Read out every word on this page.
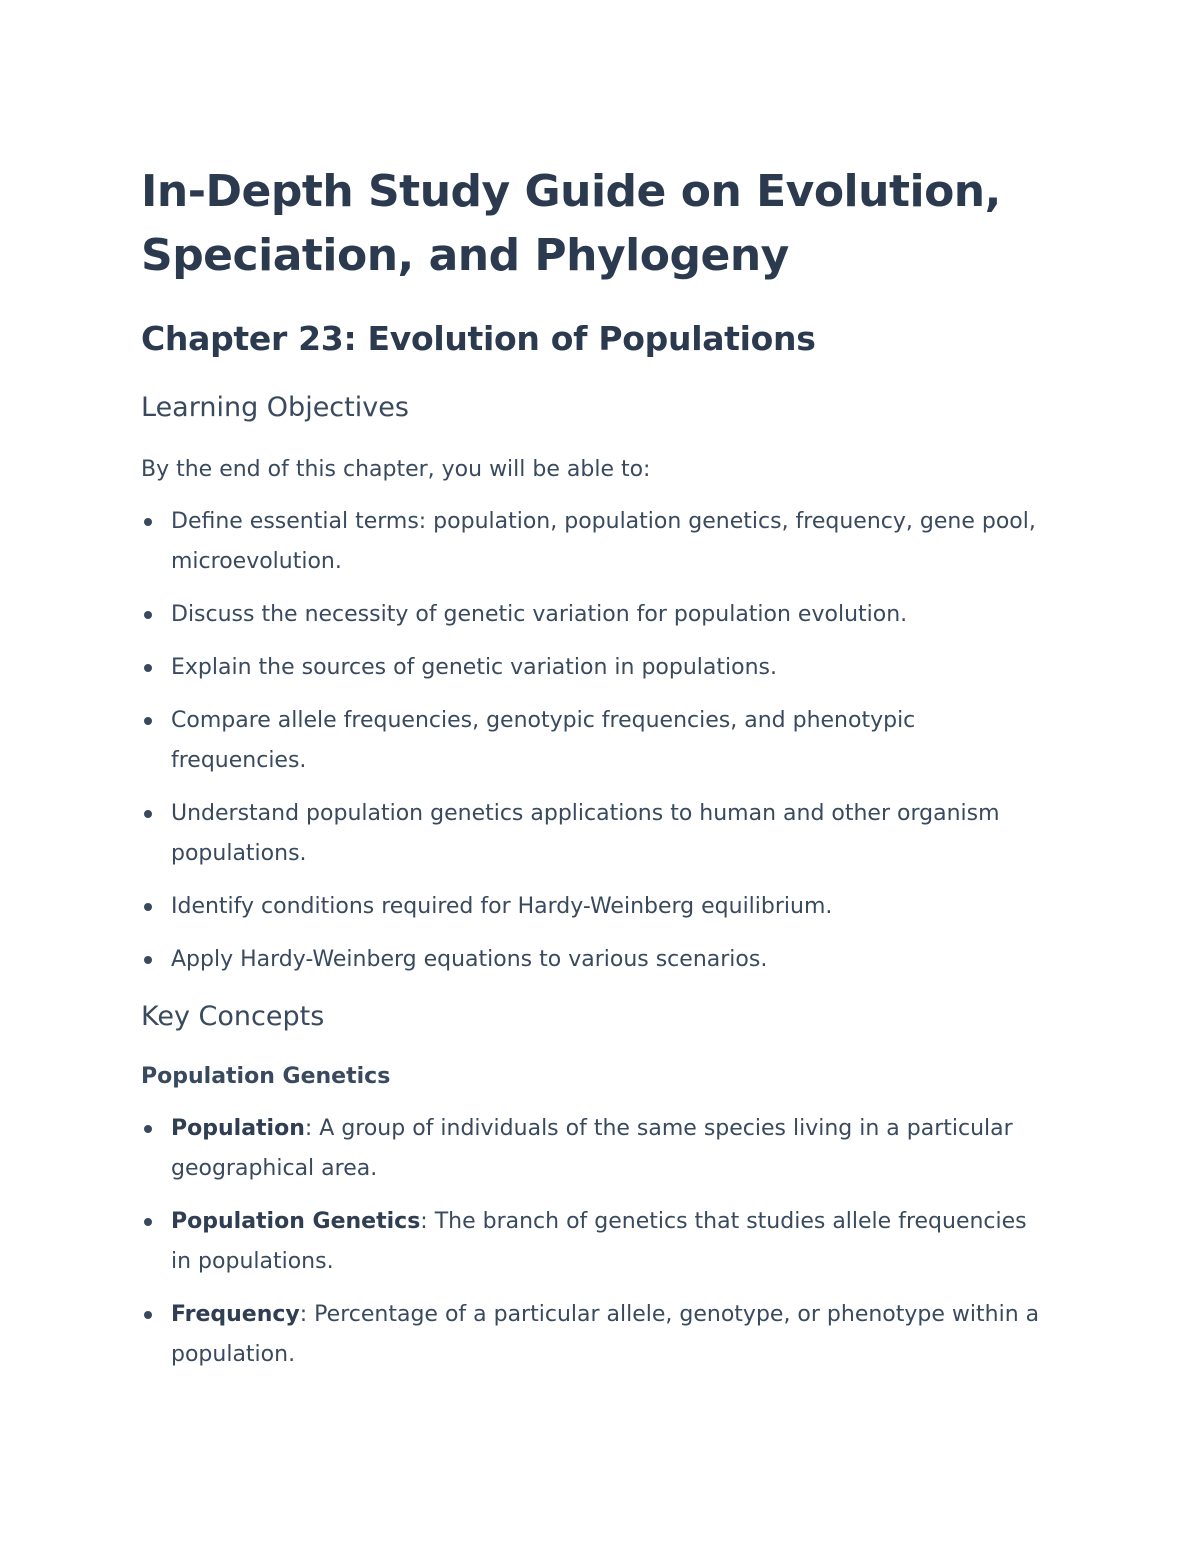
In-Depth Study Guide on Evolution,
Speciation, and Phylogeny
Chapter 23: Evolution of Populations
Learning Objectives

By the end of this chapter, you will be able to:

Define essential terms: population, population genetics, frequency, gene pool, microevolution.
Discuss the necessity of genetic variation for population evolution.
Explain the sources of genetic variation in populations.
Compare allele frequencies, genotypic frequencies, and phenotypic frequencies.
Understand population genetics applications to human and other organism populations.
Identify conditions required for Hardy-Weinberg equilibrium.
Apply Hardy-Weinberg equations to various scenarios.
Key Concepts
Population Genetics
Population: A group of individuals of the same species living in a particular geographical area.
Population Genetics: The branch of genetics that studies allele frequencies in populations.
Frequency: Percentage of a particular allele, genotype, or phenotype within a population.
